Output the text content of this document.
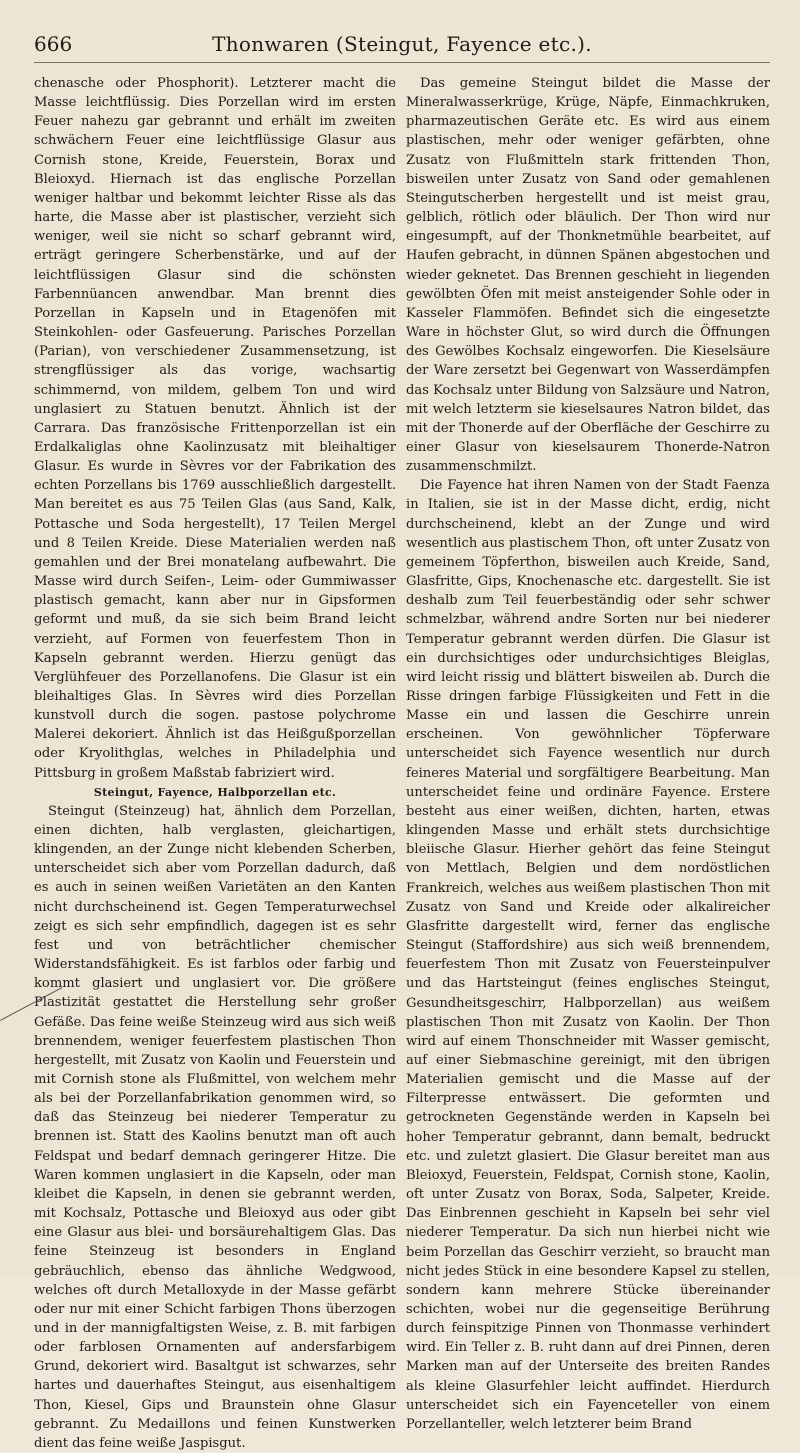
666	Thonwaren (Steingut, Fayence etc.).

chenasche oder Phosphorit). Letzterer macht die Masse leichtflüssig. Dies Porzellan wird im ersten Feuer nahezu gar gebrannt und erhält im zweiten schwächern Feuer eine leichtflüssige Glasur aus Cornish stone, Kreide, Feuerstein, Borax und Bleioxyd. Hiernach ist das englische Porzellan weniger haltbar und bekommt leichter Risse als das harte, die Masse aber ist plastischer, verzieht sich weniger, weil sie nicht so scharf gebrannt wird, erträgt geringere Scherbenstärke, und auf der leichtflüssigen Glasur sind die schönsten Farbennüancen anwendbar. Man brennt dies Porzellan in Kapseln und in Etagenöfen mit Steinkohlen- oder Gasfeuerung. Parisches Porzellan (Parian), von verschiedener Zusammensetzung, ist strengflüssiger als das vorige, wachsartig schimmernd, von mildem, gelbem Ton und wird unglasiert zu Statuen benutzt. Ähnlich ist der Carrara. Das französische Frittenporzellan ist ein Erdalkaliglas ohne Kaolinzusatz mit bleihaltiger Glasur. Es wurde in Sèvres vor der Fabrikation des echten Porzellans bis 1769 ausschließlich dargestellt. Man bereitet es aus 75 Teilen Glas (aus Sand, Kalk, Pottasche und Soda hergestellt), 17 Teilen Mergel und 8 Teilen Kreide. Diese Materialien werden naß gemahlen und der Brei monatelang aufbewahrt. Die Masse wird durch Seifen-, Leim- oder Gummiwasser plastisch gemacht, kann aber nur in Gipsformen geformt und muß, da sie sich beim Brand leicht verzieht, auf Formen von feuerfestem Thon in Kapseln gebrannt werden. Hierzu genügt das Verglühfeuer des Porzellanofens. Die Glasur ist ein bleihaltiges Glas. In Sèvres wird dies Porzellan kunstvoll durch die sogen. pastose polychrome Malerei dekoriert. Ähnlich ist das Heißgußporzellan oder Kryolithglas, welches in Philadelphia und Pittsburg in großem Maßstab fabriziert wird.

Steingut, Fayence, Halbporzellan etc.

Steingut (Steinzeug) hat, ähnlich dem Porzellan, einen dichten, halb verglasten, gleichartigen, klingenden, an der Zunge nicht klebenden Scherben, unterscheidet sich aber vom Porzellan dadurch, daß es auch in seinen weißen Varietäten an den Kanten nicht durchscheinend ist. Gegen Temperaturwechsel zeigt es sich sehr empfindlich, dagegen ist es sehr fest und von beträchtlicher chemischer Widerstandsfähigkeit. Es ist farblos oder farbig und kommt glasiert und unglasiert vor. Die größere Plastizität gestattet die Herstellung sehr großer Gefäße. Das feine weiße Steinzeug wird aus sich weiß brennendem, weniger feuerfestem plastischen Thon hergestellt, mit Zusatz von Kaolin und Feuerstein und mit Cornish stone als Flußmittel, von welchem mehr als bei der Porzellanfabrikation genommen wird, so daß das Steinzeug bei niederer Temperatur zu brennen ist. Statt des Kaolins benutzt man oft auch Feldspat und bedarf demnach geringerer Hitze. Die Waren kommen unglasiert in die Kapseln, oder man kleibet die Kapseln, in denen sie gebrannt werden, mit Kochsalz, Pottasche und Bleioxyd aus oder gibt eine Glasur aus blei- und borsäurehaltigem Glas. Das feine Steinzeug ist besonders in England gebräuchlich, ebenso das ähnliche Wedgwood, welches oft durch Metalloxyde in der Masse gefärbt oder nur mit einer Schicht farbigen Thons überzogen und in der mannigfaltigsten Weise, z. B. mit farbigen oder farblosen Ornamenten auf andersfarbigem Grund, dekoriert wird. Basaltgut ist schwarzes, sehr hartes und dauerhaftes Steingut, aus eisenhaltigem Thon, Kiesel, Gips und Braunstein ohne Glasur gebrannt. Zu Medaillons und feinen Kunstwerken dient das feine weiße Jaspisgut.

Das gemeine Steingut bildet die Masse der Mineralwasserkrüge, Krüge, Näpfe, Einmachkruken, pharmazeutischen Geräte etc. Es wird aus einem plastischen, mehr oder weniger gefärbten, ohne Zusatz von Flußmitteln stark frittenden Thon, bisweilen unter Zusatz von Sand oder gemahlenen Steingutscherben hergestellt und ist meist grau, gelblich, rötlich oder bläulich. Der Thon wird nur eingesumpft, auf der Thonknetmühle bearbeitet, auf Haufen gebracht, in dünnen Spänen abgestochen und wieder geknetet. Das Brennen geschieht in liegenden gewölbten Öfen mit meist ansteigender Sohle oder in Kasseler Flammöfen. Befindet sich die eingesetzte Ware in höchster Glut, so wird durch die Öffnungen des Gewölbes Kochsalz eingeworfen. Die Kieselsäure der Ware zersetzt bei Gegenwart von Wasserdämpfen das Kochsalz unter Bildung von Salzsäure und Natron, mit welch letzterm sie kieselsaures Natron bildet, das mit der Thonerde auf der Oberfläche der Geschirre zu einer Glasur von kieselsaurem Thonerde-Natron zusammenschmilzt.

Die Fayence hat ihren Namen von der Stadt Faenza in Italien, sie ist in der Masse dicht, erdig, nicht durchscheinend, klebt an der Zunge und wird wesentlich aus plastischem Thon, oft unter Zusatz von gemeinem Töpferthon, bisweilen auch Kreide, Sand, Glasfritte, Gips, Knochenasche etc. dargestellt. Sie ist deshalb zum Teil feuerbeständig oder sehr schwer schmelzbar, während andre Sorten nur bei niederer Temperatur gebrannt werden dürfen. Die Glasur ist ein durchsichtiges oder undurchsichtiges Bleiglas, wird leicht rissig und blättert bisweilen ab. Durch die Risse dringen farbige Flüssigkeiten und Fett in die Masse ein und lassen die Geschirre unrein erscheinen. Von gewöhnlicher Töpferware unterscheidet sich Fayence wesentlich nur durch feineres Material und sorgfältigere Bearbeitung. Man unterscheidet feine und ordinäre Fayence. Erstere besteht aus einer weißen, dichten, harten, etwas klingenden Masse und erhält stets durchsichtige bleiische Glasur. Hierher gehört das feine Steingut von Mettlach, Belgien und dem nordöstlichen Frankreich, welches aus weißem plastischen Thon mit Zusatz von Sand und Kreide oder alkalireicher Glasfritte dargestellt wird, ferner das englische Steingut (Staffordshire) aus sich weiß brennendem, feuerfestem Thon mit Zusatz von Feuersteinpulver und das Hartsteingut (feines englisches Steingut, Gesundheitsgeschirr, Halbporzellan) aus weißem plastischen Thon mit Zusatz von Kaolin. Der Thon wird auf einem Thonschneider mit Wasser gemischt, auf einer Siebmaschine gereinigt, mit den übrigen Materialien gemischt und die Masse auf der Filterpresse entwässert. Die geformten und getrockneten Gegenstände werden in Kapseln bei hoher Temperatur gebrannt, dann bemalt, bedruckt etc. und zuletzt glasiert. Die Glasur bereitet man aus Bleioxyd, Feuerstein, Feldspat, Cornish stone, Kaolin, oft unter Zusatz von Borax, Soda, Salpeter, Kreide. Das Einbrennen geschieht in Kapseln bei sehr viel niederer Temperatur. Da sich nun hierbei nicht wie beim Porzellan das Geschirr verzieht, so braucht man nicht jedes Stück in eine besondere Kapsel zu stellen, sondern kann mehrere Stücke übereinander schichten, wobei nur die gegenseitige Berührung durch feinspitzige Pinnen von Thonmasse verhindert wird. Ein Teller z. B. ruht dann auf drei Pinnen, deren Marken man auf der Unterseite des breiten Randes als kleine Glasurfehler leicht auffindet. Hierdurch unterscheidet sich ein Fayenceteller von einem Porzellanteller, welch letzterer beim Brand
